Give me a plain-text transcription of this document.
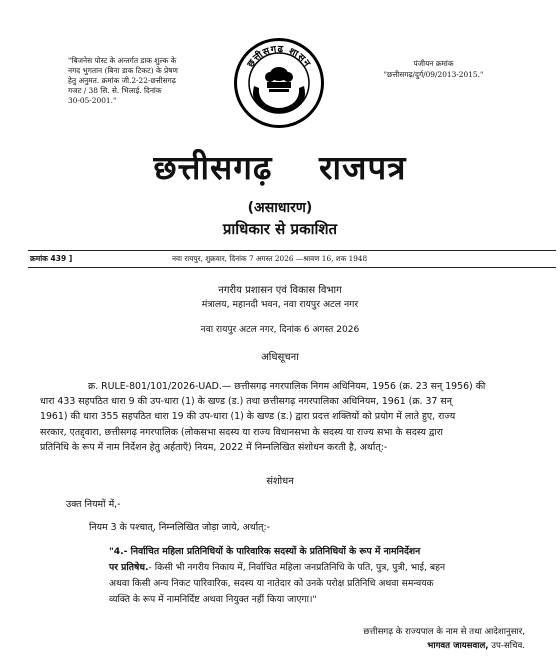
"बिजनेस पोस्ट के अन्तर्गत डाक शुल्क के
नगद भुगतान (बिना डाक टिकट) के प्रेषण
हेतु अनुमत. क्रमांक जी.2-22-छत्तीसगढ़
गजट / 38 सि. से. भिलाई. दिनांक
30-05-2001."
छत्तीसगढ़ शासन	पंजीयन क्रमांक
"छत्तीसगढ़/दुर्ग/09/2013-2015."
छत्तीसगढ़ राजपत्र
(असाधारण)
प्राधिकार से प्रकाशित
क्रमांक 439 ]	नवा रायपुर, शुक्रवार, दिनांक 7 अगस्त 2026 —श्रावण 16, शक 1948
नगरीय प्रशासन एवं विकास विभाग
मंत्रालय, महानदी भवन, नवा रायपुर अटल नगर
नवा रायपुर अटल नगर, दिनांक 6 अगस्त 2026
अधिसूचना
क्र. RULE-801/101/2026-UAD.— छत्तीसगढ़ नगरपालिक निगम अधिनियम, 1956 (क्र. 23 सन् 1956) की
धारा 433 सहपठित धारा 9 की उप-धारा (1) के खण्ड (ड.) तथा छत्तीसगढ़ नगरपालिका अधिनियम, 1961 (क्र. 37 सन्
1961) की धारा 355 सहपठित धारा 19 की उप-धारा (1) के खण्ड (ड.) द्वारा प्रदत्त शक्तियों को प्रयोग में लाते हुए, राज्य
सरकार, एतद्द्वारा, छत्तीसगढ़ नगरपालिक (लोकसभा सदस्य या राज्य विधानसभा के सदस्य या राज्य सभा के सदस्य द्वारा
प्रतिनिधि के रूप में नाम निर्देशन हेतु अर्हताएँ) नियम, 2022 में निम्नलिखित संशोधन करती है, अर्थात्:-
संशोधन
उक्त नियमों में,-
नियम 3 के पश्चात्, निम्नलिखित जोड़ा जाये, अर्थात्:-
"4.- निर्वाचित महिला प्रतिनिधियों के पारिवारिक सदस्यों के प्रतिनिधियों के रूप में नामनिर्देशन
पर प्रतिषेध.- किसी भी नगरीय निकाय में, निर्वाचित महिला जनप्रतिनिधि के पति, पुत्र, पुत्री, भाई, बहन
अथवा किसी अन्य निकट पारिवारिक, सदस्य या नातेदार को उनके परोक्ष प्रतिनिधि अथवा समन्वयक
व्यक्ति के रूप में नामनिर्दिष्ट अथवा नियुक्त नहीं किया जाएगा।"
छत्तीसगढ़ के राज्यपाल के नाम से तथा आदेशानुसार,
भागवत जायसवाल, उप-सचिव.
